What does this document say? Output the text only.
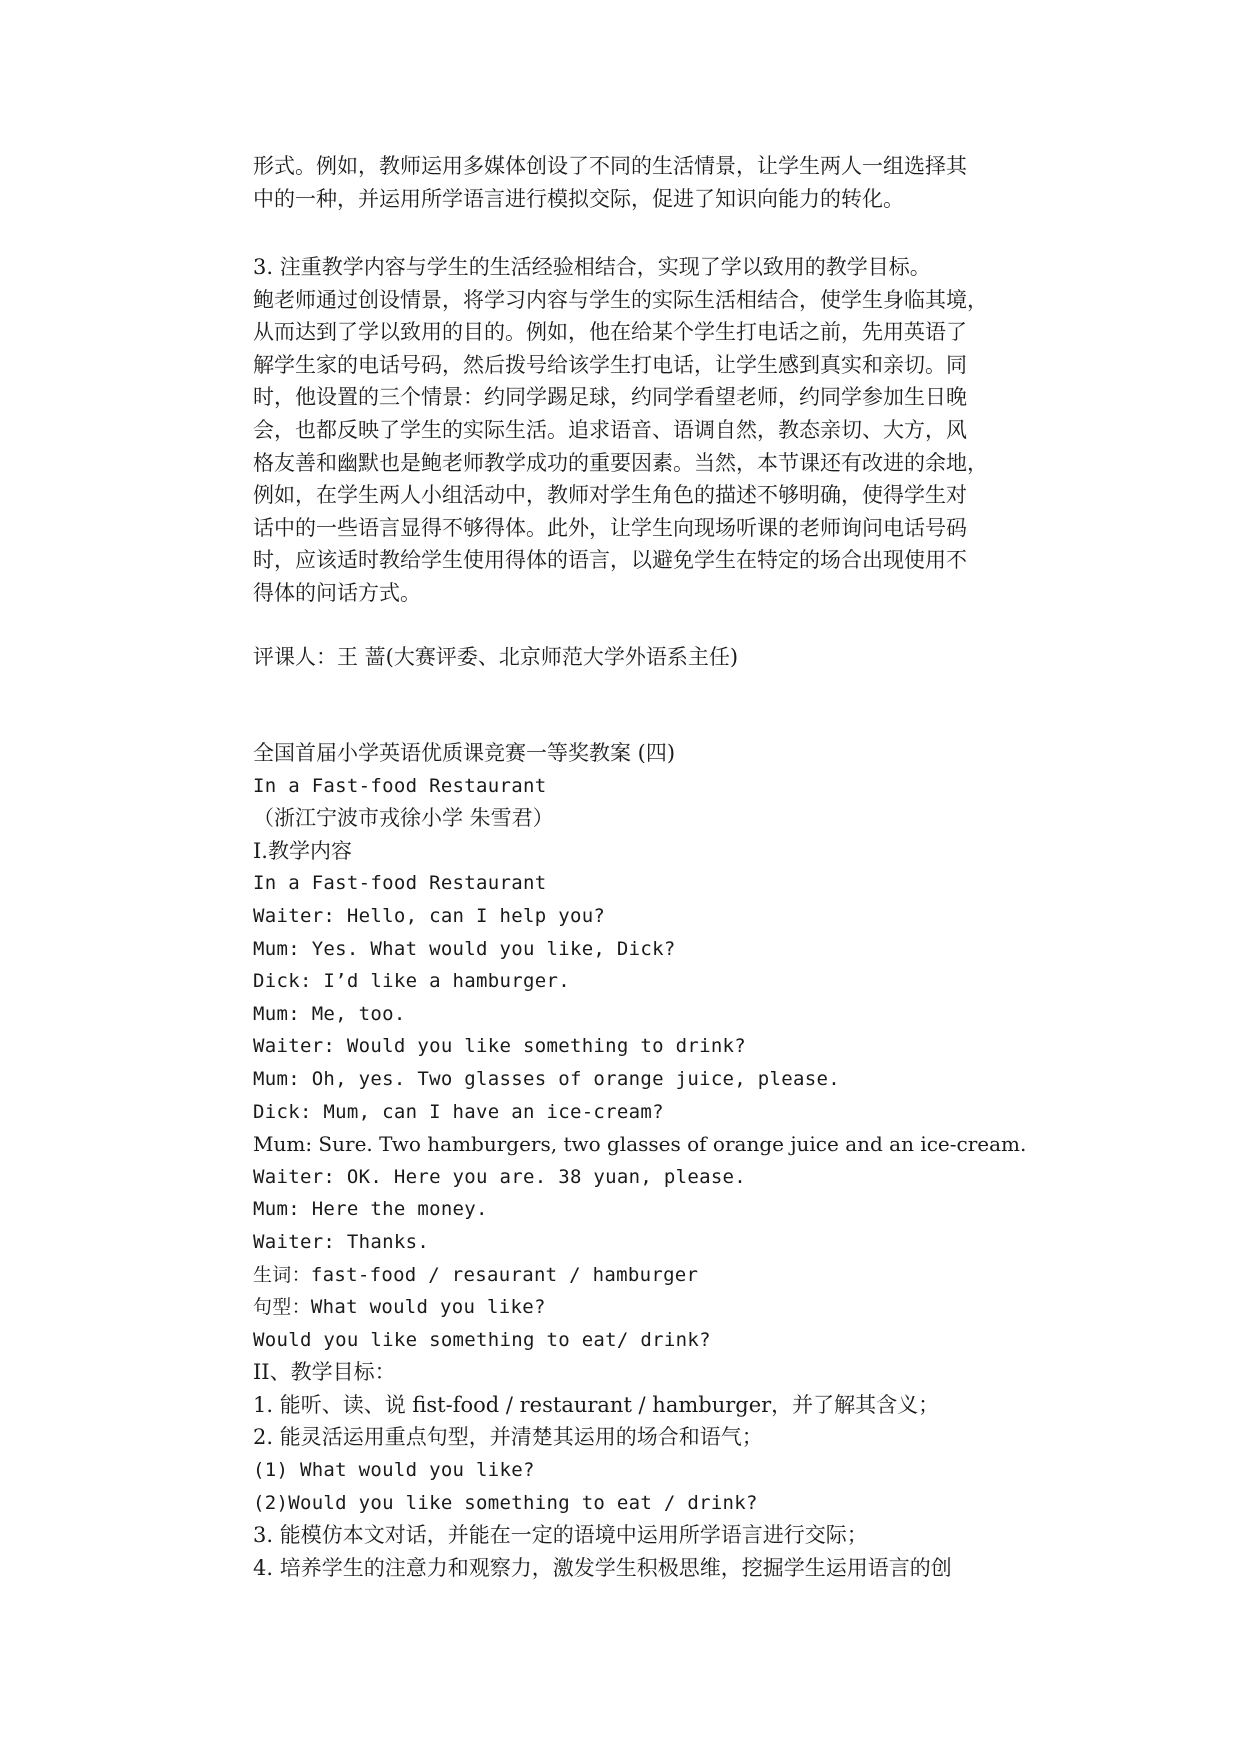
形式。例如，教师运用多媒体创设了不同的生活情景，让学生两人一组选择其
中的一种，并运用所学语言进行模拟交际，促进了知识向能力的转化。
3. 注重教学内容与学生的生活经验相结合，实现了学以致用的教学目标。
鲍老师通过创设情景，将学习内容与学生的实际生活相结合，使学生身临其境，
从而达到了学以致用的目的。例如，他在给某个学生打电话之前，先用英语了
解学生家的电话号码，然后拨号给该学生打电话，让学生感到真实和亲切。同
时，他设置的三个情景：约同学踢足球，约同学看望老师，约同学参加生日晚
会，也都反映了学生的实际生活。追求语音、语调自然，教态亲切、大方，风
格友善和幽默也是鲍老师教学成功的重要因素。当然，本节课还有改进的余地，
例如，在学生两人小组活动中，教师对学生角色的描述不够明确，使得学生对
话中的一些语言显得不够得体。此外，让学生向现场听课的老师询问电话号码
时，应该适时教给学生使用得体的语言，以避免学生在特定的场合出现使用不
得体的问话方式。
评课人：王 蔷(大赛评委、北京师范大学外语系主任)
全国首届小学英语优质课竞赛一等奖教案 (四)
In a Fast-food Restaurant
（浙江宁波市戎徐小学 朱雪君）
I.教学内容
In a Fast-food Restaurant
Waiter: Hello, can I help you?
Mum: Yes. What would you like, Dick?
Dick: I’d like a hamburger.
Mum: Me, too.
Waiter: Would you like something to drink?
Mum: Oh, yes. Two glasses of orange juice, please.
Dick: Mum, can I have an ice-cream?
Mum: Sure. Two hamburgers, two glasses of orange juice and an ice-cream.
Waiter: OK. Here you are. 38 yuan, please.
Mum: Here the money.
Waiter: Thanks.
生词：fast-food / resaurant / hamburger
句型：What would you like?
Would you like something to eat/ drink?
II、教学目标：
1. 能听、读、说 fist-food / restaurant / hamburger，并了解其含义；
2. 能灵活运用重点句型，并清楚其运用的场合和语气；
(1) What would you like?
(2)Would you like something to eat / drink?
3. 能模仿本文对话，并能在一定的语境中运用所学语言进行交际；
4. 培养学生的注意力和观察力，激发学生积极思维，挖掘学生运用语言的创
